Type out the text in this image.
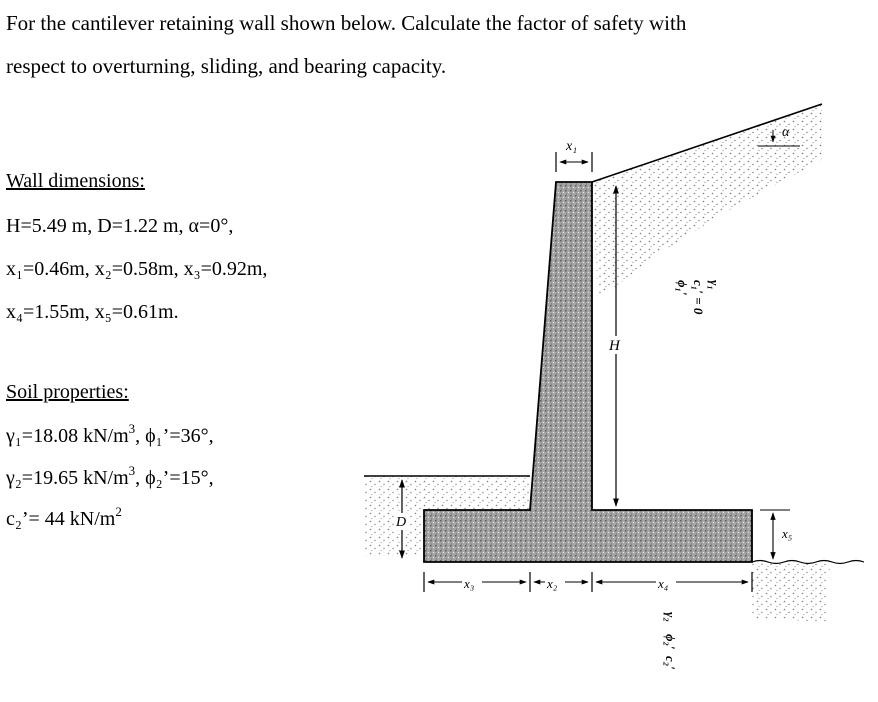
For the cantilever retaining wall shown below. Calculate the factor of safety with
respect to overturning, sliding, and bearing capacity.
Wall dimensions:
H=5.49 m, D=1.22 m, α=0°,
x₁=0.46m, x₂=0.58m, x₃=0.92m,
x₄=1.55m, x₅=0.61m.
Soil properties:
γ₁=18.08 $kN/m^3$, ϕ₁’=36°,
γ₂=19.65 $kN/m^3$, ϕ₂’=15°,
c₂’= 44 $kN/m^2$
α
x₁
H
D
x₅
x₃	x₂	x₄
γ₁
c₁′ = 0
ϕ₁′
γ₂
ϕ₂′
c₂′
